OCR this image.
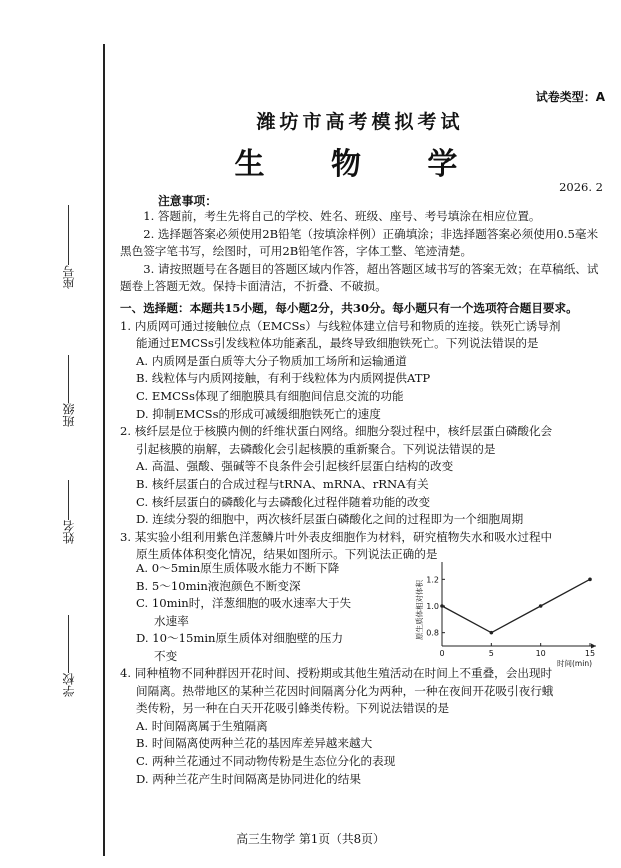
座号
班级
姓名
学校
试卷类型：A
潍坊市高考模拟考试
生 物 学
2026. 2
注意事项：

1. 答题前，考生先将自己的学校、姓名、班级、座号、考号填涂在相应位置。

2. 选择题答案必须使用2B铅笔（按填涂样例）正确填涂；非选择题答案必须使用0.5毫米黑色签字笔书写，绘图时，可用2B铅笔作答，字体工整、笔迹清楚。

3. 请按照题号在各题目的答题区域内作答，超出答题区域书写的答案无效；在草稿纸、试题卷上答题无效。保持卡面清洁，不折叠、不破损。

一、选择题：本题共15小题，每小题2分，共30分。每小题只有一个选项符合题目要求。
1. 内质网可通过接触位点（EMCSs）与线粒体建立信号和物质的连接。铁死亡诱导剂
能通过EMCSs引发线粒体功能紊乱，最终导致细胞铁死亡。下列说法错误的是
A. 内质网是蛋白质等大分子物质加工场所和运输通道
B. 线粒体与内质网接触，有利于线粒体为内质网提供ATP
C. EMCSs体现了细胞膜具有细胞间信息交流的功能
D. 抑制EMCSs的形成可减缓细胞铁死亡的速度
2. 核纤层是位于核膜内侧的纤维状蛋白网络。细胞分裂过程中，核纤层蛋白磷酸化会
引起核膜的崩解，去磷酸化会引起核膜的重新聚合。下列说法错误的是
A. 高温、强酸、强碱等不良条件会引起核纤层蛋白结构的改变
B. 核纤层蛋白的合成过程与tRNA、mRNA、rRNA有关
C. 核纤层蛋白的磷酸化与去磷酸化过程伴随着功能的改变
D. 连续分裂的细胞中，两次核纤层蛋白磷酸化之间的过程即为一个细胞周期
3. 某实验小组利用紫色洋葱鳞片叶外表皮细胞作为材料，研究植物失水和吸水过程中
原生质体体积变化情况，结果如图所示。下列说法正确的是
A. 0～5min原生质体吸水能力不断下降
B. 5～10min液泡颜色不断变深
C. 10min时，洋葱细胞的吸水速率大于失
水速率
D. 10～15min原生质体对细胞壁的压力
不变
0.8
1.0
1.2
0	5	10	15
时间(min)
原生质体相对体积
4. 同种植物不同种群因开花时间、授粉期或其他生殖活动在时间上不重叠，会出现时
间隔离。热带地区的某种兰花因时间隔离分化为两种，一种在夜间开花吸引夜行蛾
类传粉，另一种在白天开花吸引蜂类传粉。下列说法错误的是
A. 时间隔离属于生殖隔离
B. 时间隔离使两种兰花的基因库差异越来越大
C. 两种兰花通过不同动物传粉是生态位分化的表现
D. 两种兰花产生时间隔离是协同进化的结果
高三生物学 第1页（共8页）
